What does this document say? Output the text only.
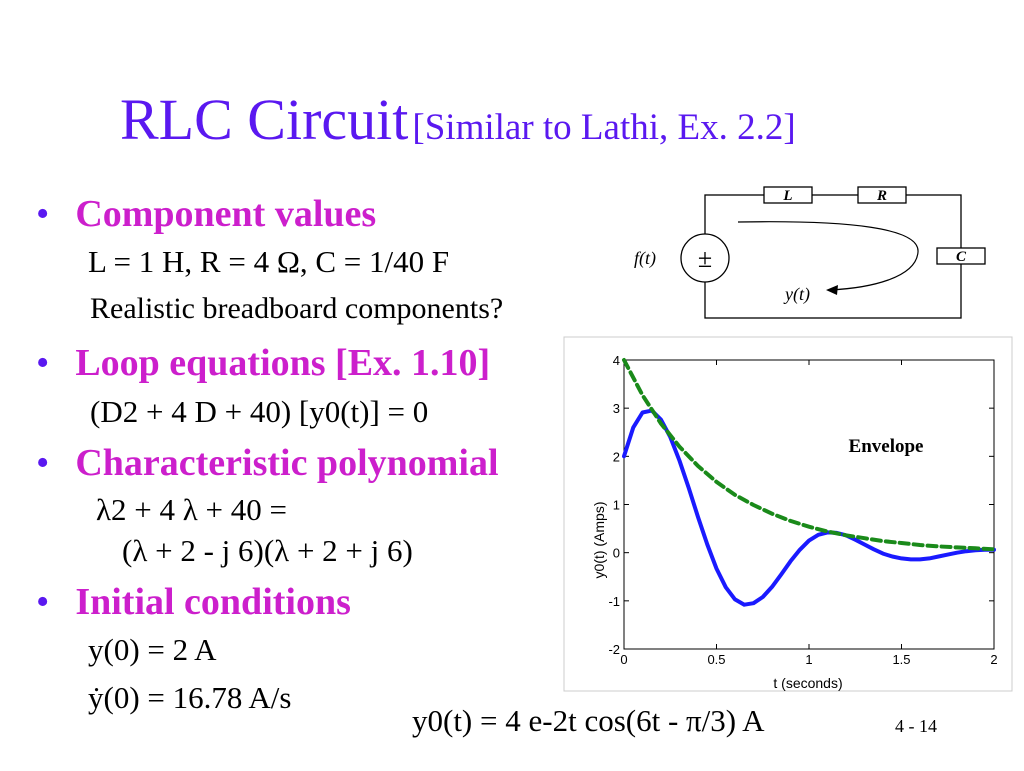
RLC Circuit [Similar to Lathi, Ex. 2.2]
• Component values
L = 1 H, R = 4 Ω, C = 1/40 F
Realistic breadboard components?
• Loop equations [Ex. 1.10]
(D2 + 4 D + 40) [y0(t)] = 0
• Characteristic polynomial
λ2 + 4 λ + 40 =
(λ + 2 - j 6)(λ + 2 + j 6)
• Initial conditions
y(0) = 2 A
ẏ(0) = 16.78 A/s
y0(t) = 4 e-2t cos(6t - π/3) A	4 - 14
L	R
C
±
f(t)
y(t)
0	0.5	1	1.5	2
-2
-1
0
1
2
3
4
Envelope
t (seconds)
y0(t) (Amps)
